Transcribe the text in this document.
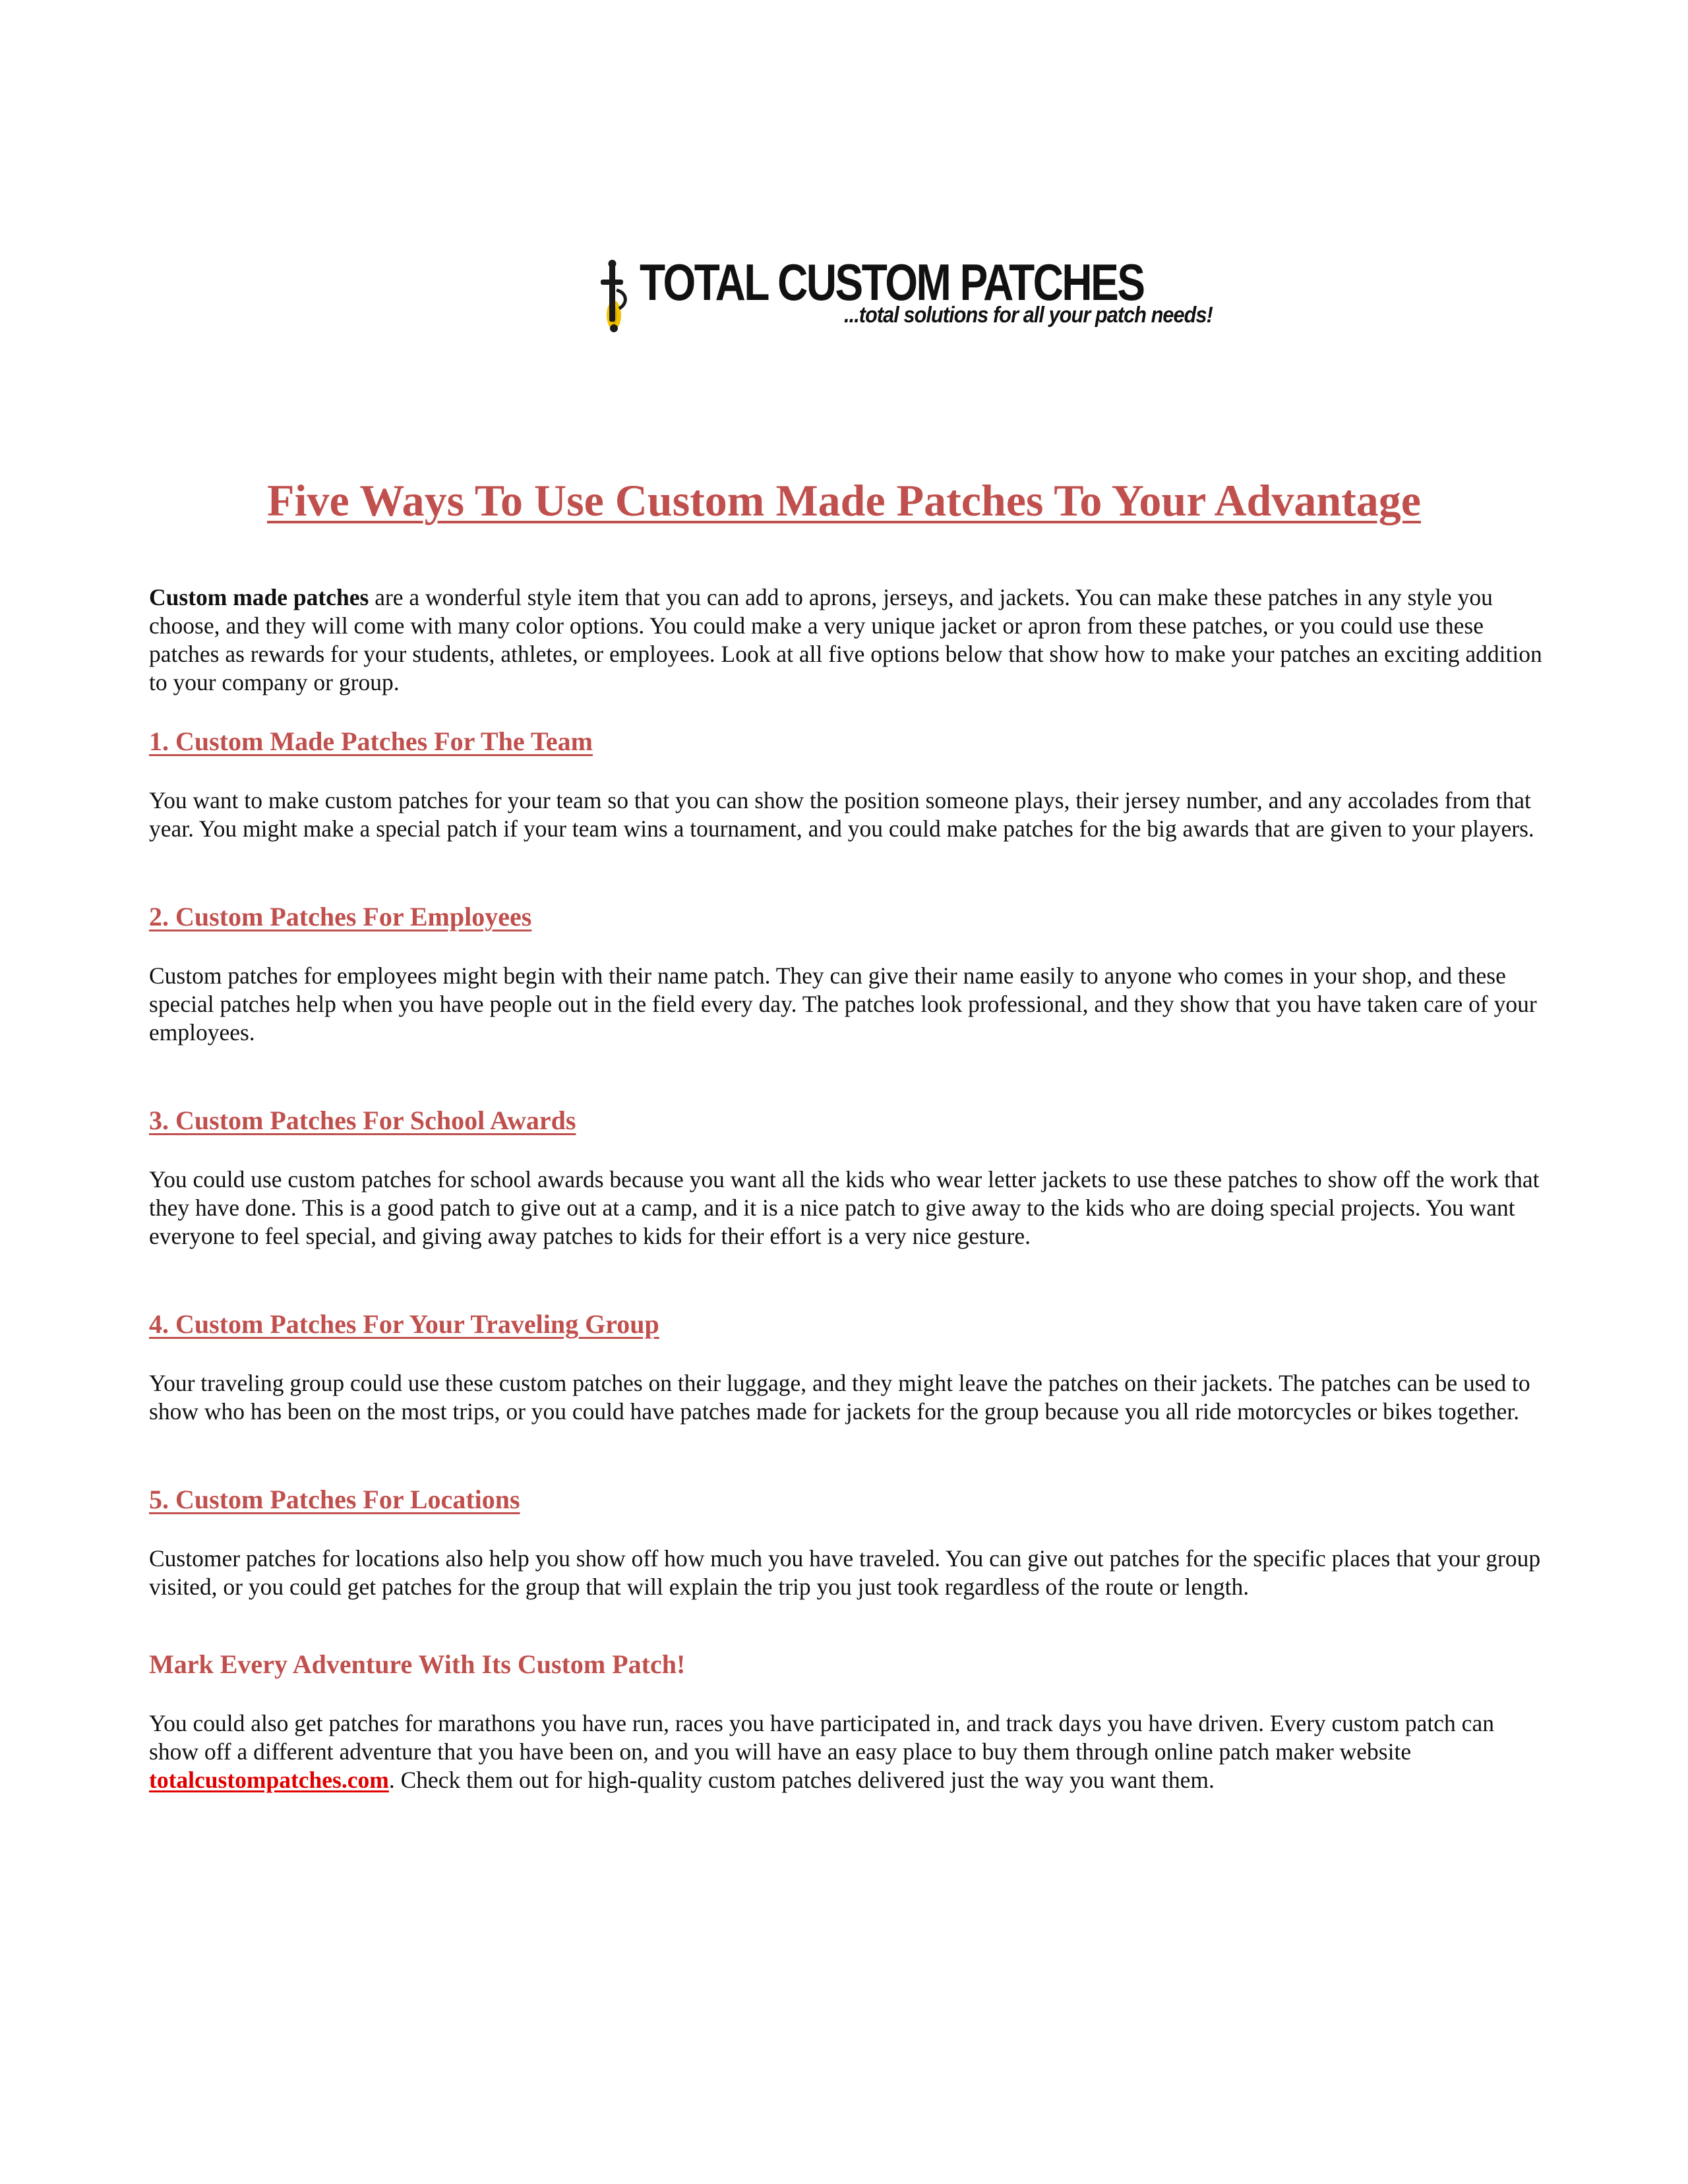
TOTAL CUSTOM PATCHES
...total solutions for all your patch needs!
Five Ways To Use Custom Made Patches To Your Advantage

Custom made patches are a wonderful style item that you can add to aprons, jerseys, and jackets. You can make these patches in any style you choose, and they will come with many color options. You could make a very unique jacket or apron from these patches, or you could use these patches as rewards for your students, athletes, or employees. Look at all five options below that show how to make your patches an exciting addition to your company or group.

1. Custom Made Patches For The Team

You want to make custom patches for your team so that you can show the position someone plays, their jersey number, and any accolades from that year. You might make a special patch if your team wins a tournament, and you could make patches for the big awards that are given to your players.

2. Custom Patches For Employees

Custom patches for employees might begin with their name patch. They can give their name easily to anyone who comes in your shop, and these special patches help when you have people out in the field every day. The patches look professional, and they show that you have taken care of your employees.

3. Custom Patches For School Awards

You could use custom patches for school awards because you want all the kids who wear letter jackets to use these patches to show off the work that they have done. This is a good patch to give out at a camp, and it is a nice patch to give away to the kids who are doing special projects. You want everyone to feel special, and giving away patches to kids for their effort is a very nice gesture.

4. Custom Patches For Your Traveling Group

Your traveling group could use these custom patches on their luggage, and they might leave the patches on their jackets. The patches can be used to show who has been on the most trips, or you could have patches made for jackets for the group because you all ride motorcycles or bikes together.

5. Custom Patches For Locations

Customer patches for locations also help you show off how much you have traveled. You can give out patches for the specific places that your group visited, or you could get patches for the group that will explain the trip you just took regardless of the route or length.

Mark Every Adventure With Its Custom Patch!

You could also get patches for marathons you have run, races you have participated in, and track days you have driven. Every custom patch can show off a different adventure that you have been on, and you will have an easy place to buy them through online patch maker website totalcustompatches.com. Check them out for high-quality custom patches delivered just the way you want them.
